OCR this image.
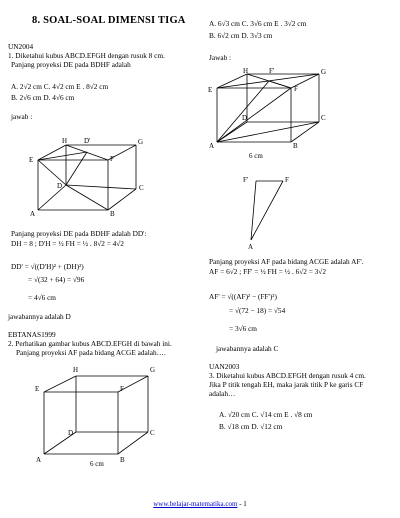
8. SOAL-SOAL DIMENSI TIGA
UN2004
1. Diketahui kubus ABCD.EFGH dengan rusuk 8 cm.
Panjang proyeksi DE pada BDHF adalah
A. 2√2 cm C. 4√2 cm E . 8√2 cm
B. 2√6 cm D. 4√6 cm
jawab :
H D'	G
E	F
D	C
A	B
Panjang proyeksi DE pada BDHF adalah DD':
DH = 8 ; D'H = ½ FH = ½ . 8√2 = 4√2
DD' = √((D'H)² + (DH)²)
= √(32 + 64) = √96
= 4√6 cm
jawabannya adalah D
EBTANAS1999
2. Perhatikan gambar kubus ABCD.EFGH di bawah ini.
Panjang proyeksi AF pada bidang ACGE adalah….
H	G
E	F
D	C
A	B
6 cm
A. 6√3 cm C. 3√6 cm E . 3√2 cm
B. 6√2 cm D. 3√3 cm
Jawab :
H	F'	G
E	F
D	C
A	B
6 cm
F'	F
A
Panjang proyeksi AF pada bidang ACGE adalah AF'.
AF = 6√2 ; FF' = ½ FH = ½ . 6√2 = 3√2
AF' = √((AF)² − (FF')²)
= √(72 − 18) = √54
= 3√6 cm
jawabannya adalah C
UAN2003
3. Diketahui kubus ABCD.EFGH dengan rusuk 4 cm.
Jika P titik tengah EH, maka jarak titik P ke garis CF
adalah…
A. √20 cm C. √14 cm E . √8 cm
B. √18 cm D. √12 cm
www.belajar-matematika.com - 1
